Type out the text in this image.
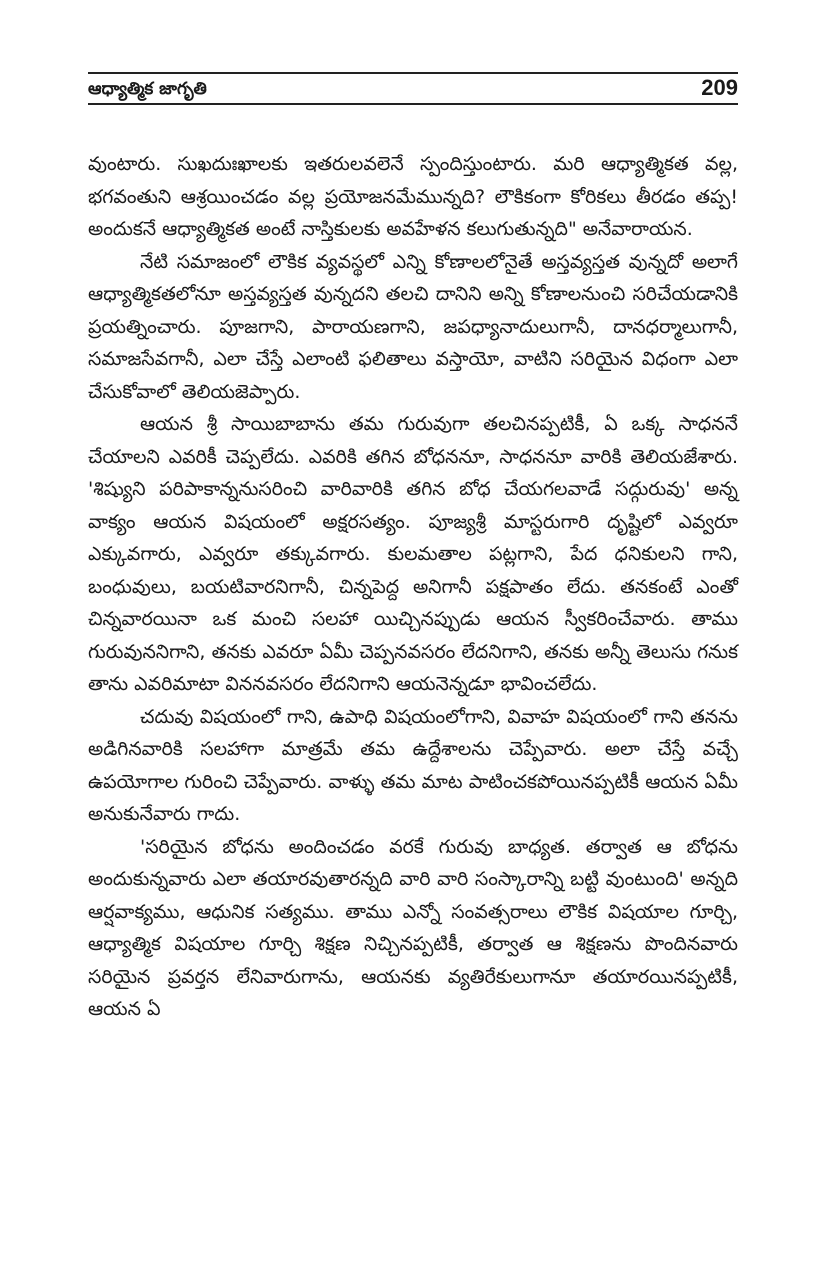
ఆధ్యాత్మిక జాగృతి	209

వుంటారు. సుఖదుఃఖాలకు ఇతరులవలెనే స్పందిస్తుంటారు. మరి ఆధ్యాత్మికత వల్ల, భగవంతుని ఆశ్రయించడం వల్ల ప్రయోజనమేమున్నది? లౌకికంగా కోరికలు తీరడం తప్ప! అందుకనే ఆధ్యాత్మికత అంటే నాస్తికులకు అవహేళన కలుగుతున్నది" అనేవారాయన.

నేటి సమాజంలో లౌకిక వ్యవస్థలో ఎన్ని కోణాలలోనైతే అస్తవ్యస్తత వున్నదో అలాగే ఆధ్యాత్మికతలోనూ అస్తవ్యస్తత వున్నదని తలచి దానిని అన్ని కోణాలనుంచి సరిచేయడానికి ప్రయత్నించారు. పూజగాని, పారాయణగాని, జపధ్యానాదులుగానీ, దానధర్మాలుగానీ, సమాజసేవగానీ, ఎలా చేస్తే ఎలాంటి ఫలితాలు వస్తాయో, వాటిని సరియైన విధంగా ఎలా చేసుకోవాలో తెలియజెప్పారు.

ఆయన శ్రీ సాయిబాబాను తమ గురువుగా తలచినప్పటికీ, ఏ ఒక్క సాధననే చేయాలని ఎవరికీ చెప్పలేదు. ఎవరికి తగిన బోధననూ, సాధననూ వారికి తెలియజేశారు. 'శిష్యుని పరిపాకాన్ననుసరించి వారివారికి తగిన బోధ చేయగలవాడే సద్గురువు' అన్న వాక్యం ఆయన విషయంలో అక్షరసత్యం. పూజ్యశ్రీ మాస్టరుగారి దృష్టిలో ఎవ్వరూ ఎక్కువగారు, ఎవ్వరూ తక్కువగారు. కులమతాల పట్లగాని, పేద ధనికులని గాని, బంధువులు, బయటివారనిగానీ, చిన్నపెద్ద అనిగానీ పక్షపాతం లేదు. తనకంటే ఎంతో చిన్నవారయినా ఒక మంచి సలహా యిచ్చినప్పుడు ఆయన స్వీకరించేవారు. తాము గురువుననిగాని, తనకు ఎవరూ ఏమీ చెప్పనవసరం లేదనిగాని, తనకు అన్నీ తెలుసు గనుక తాను ఎవరిమాటా విననవసరం లేదనిగాని ఆయనెన్నడూ భావించలేదు.

చదువు విషయంలో గాని, ఉపాధి విషయంలోగాని, వివాహ విషయంలో గాని తనను అడిగినవారికి సలహాగా మాత్రమే తమ ఉద్దేశాలను చెప్పేవారు. అలా చేస్తే వచ్చే ఉపయోగాల గురించి చెప్పేవారు. వాళ్ళు తమ మాట పాటించకపోయినప్పటికీ ఆయన ఏమీ అనుకునేవారు గాదు.

'సరియైన బోధను అందించడం వరకే గురువు బాధ్యత. తర్వాత ఆ బోధను అందుకున్నవారు ఎలా తయారవుతారన్నది వారి వారి సంస్కారాన్ని బట్టి వుంటుంది' అన్నది ఆర్షవాక్యము, ఆధునిక సత్యము. తాము ఎన్నో సంవత్సరాలు లౌకిక విషయాల గూర్చి, ఆధ్యాత్మిక విషయాల గూర్చి శిక్షణ నిచ్చినప్పటికీ, తర్వాత ఆ శిక్షణను పొందినవారు సరియైన ప్రవర్తన లేనివారుగాను, ఆయనకు వ్యతిరేకులుగానూ తయారయినప్పటికీ, ఆయన ఏ
